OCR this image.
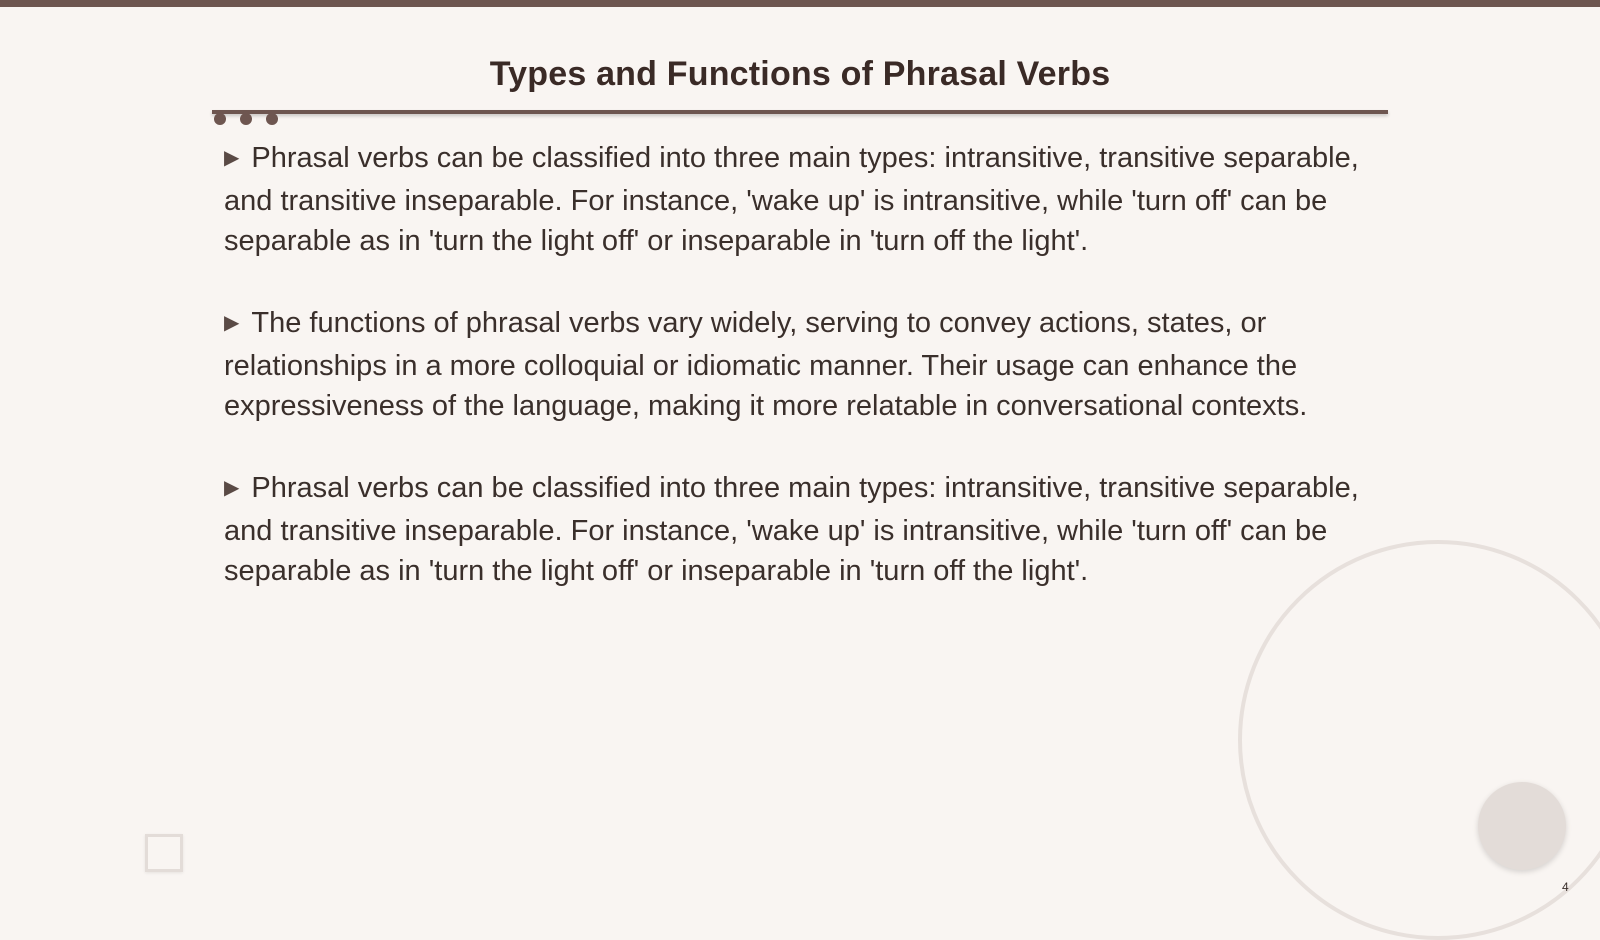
Types and Functions of Phrasal Verbs

▶ Phrasal verbs can be classified into three main types: intransitive, transitive separable, and transitive inseparable. For instance, 'wake up' is intransitive, while 'turn off' can be separable as in 'turn the light off' or inseparable in 'turn off the light'.

▶ The functions of phrasal verbs vary widely, serving to convey actions, states, or relationships in a more colloquial or idiomatic manner. Their usage can enhance the expressiveness of the language, making it more relatable in conversational contexts.

▶ Phrasal verbs can be classified into three main types: intransitive, transitive separable, and transitive inseparable. For instance, 'wake up' is intransitive, while 'turn off' can be separable as in 'turn the light off' or inseparable in 'turn off the light'.

4
